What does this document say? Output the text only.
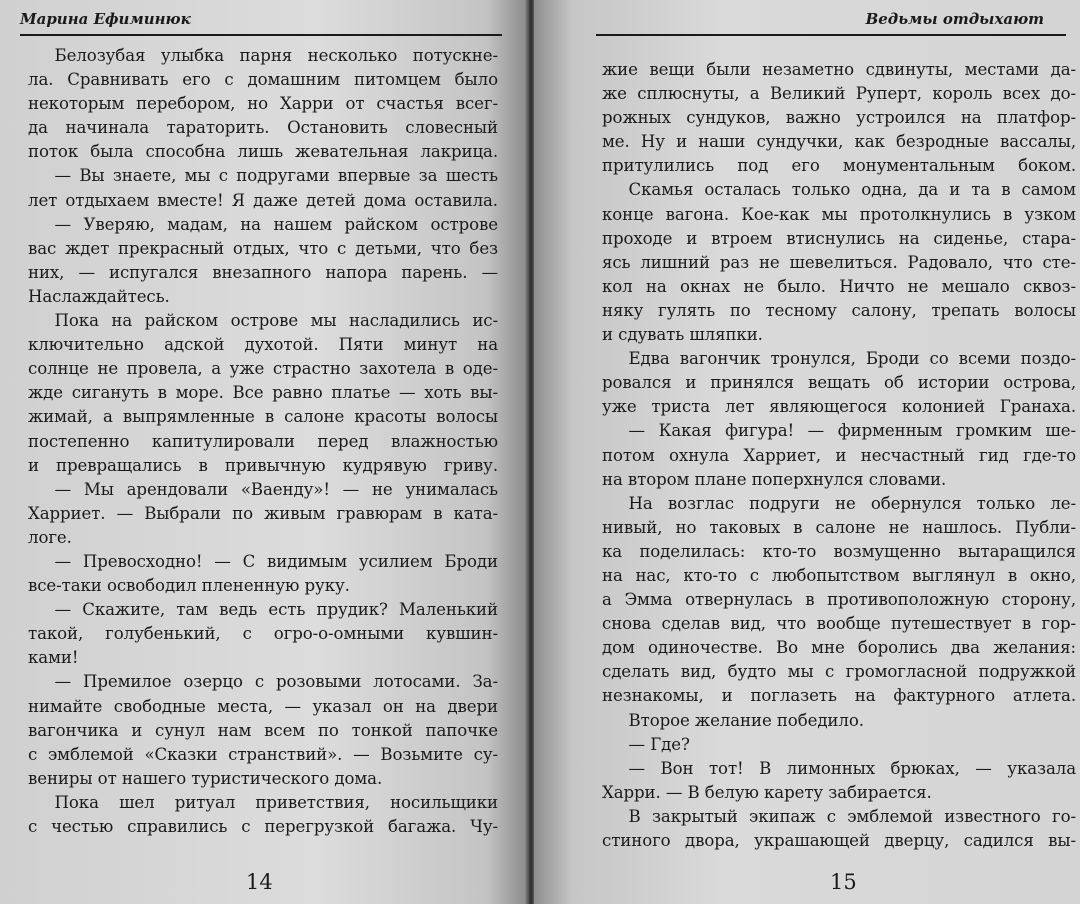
Марина Ефиминюк
Белозубая улыбка парня несколько потускне-
ла. Сравнивать его с домашним питомцем было
некоторым перебором, но Харри от счастья всег-
да начинала тараторить. Остановить словесный
поток была способна лишь жевательная лакрица.
— Вы знаете, мы с подругами впервые за шесть
лет отдыхаем вместе! Я даже детей дома оставила.
— Уверяю, мадам, на нашем райском острове
вас ждет прекрасный отдых, что с детьми, что без
них, — испугался внезапного напора парень. —
Наслаждайтесь.
Пока на райском острове мы насладились ис-
ключительно адской духотой. Пяти минут на
солнце не провела, а уже страстно захотела в оде-
жде сигануть в море. Все равно платье — хоть вы-
жимай, а выпрямленные в салоне красоты волосы
постепенно капитулировали перед влажностью
и превращались в привычную кудрявую гриву.
— Мы арендовали «Ваенду»! — не унималась
Харриет. — Выбрали по живым гравюрам в ката-
логе.
— Превосходно! — С видимым усилием Броди
все-таки освободил плененную руку.
— Скажите, там ведь есть прудик? Маленький
такой, голубенький, с огро-о-омными кувшин-
ками!
— Премилое озерцо с розовыми лотосами. За-
нимайте свободные места, — указал он на двери
вагончика и сунул нам всем по тонкой папочке
с эмблемой «Сказки странствий». — Возьмите су-
вениры от нашего туристического дома.
Пока шел ритуал приветствия, носильщики
с честью справились с перегрузкой багажа. Чу-
14
Ведьмы отдыхают
жие вещи были незаметно сдвинуты, местами да-
же сплюснуты, а Великий Руперт, король всех до-
рожных сундуков, важно устроился на платфор-
ме. Ну и наши сундучки, как безродные вассалы,
притулились под его монументальным боком.
Скамья осталась только одна, да и та в самом
конце вагона. Кое-как мы протолкнулись в узком
проходе и втроем втиснулись на сиденье, стара-
ясь лишний раз не шевелиться. Радовало, что сте-
кол на окнах не было. Ничто не мешало сквоз-
няку гулять по тесному салону, трепать волосы
и сдувать шляпки.
Едва вагончик тронулся, Броди со всеми поздо-
ровался и принялся вещать об истории острова,
уже триста лет являющегося колонией Гранаха.
— Какая фигура! — фирменным громким ше-
потом охнула Харриет, и несчастный гид где-то
на втором плане поперхнулся словами.
На возглас подруги не обернулся только ле-
нивый, но таковых в салоне не нашлось. Публи-
ка поделилась: кто-то возмущенно вытаращился
на нас, кто-то с любопытством выглянул в окно,
а Эмма отвернулась в противоположную сторону,
снова сделав вид, что вообще путешествует в гор-
дом одиночестве. Во мне боролись два желания:
сделать вид, будто мы с громогласной подружкой
незнакомы, и поглазеть на фактурного атлета.
Второе желание победило.
— Где?
— Вон тот! В лимонных брюках, — указала
Харри. — В белую карету забирается.
В закрытый экипаж с эмблемой известного го-
стиного двора, украшающей дверцу, садился вы-
15
